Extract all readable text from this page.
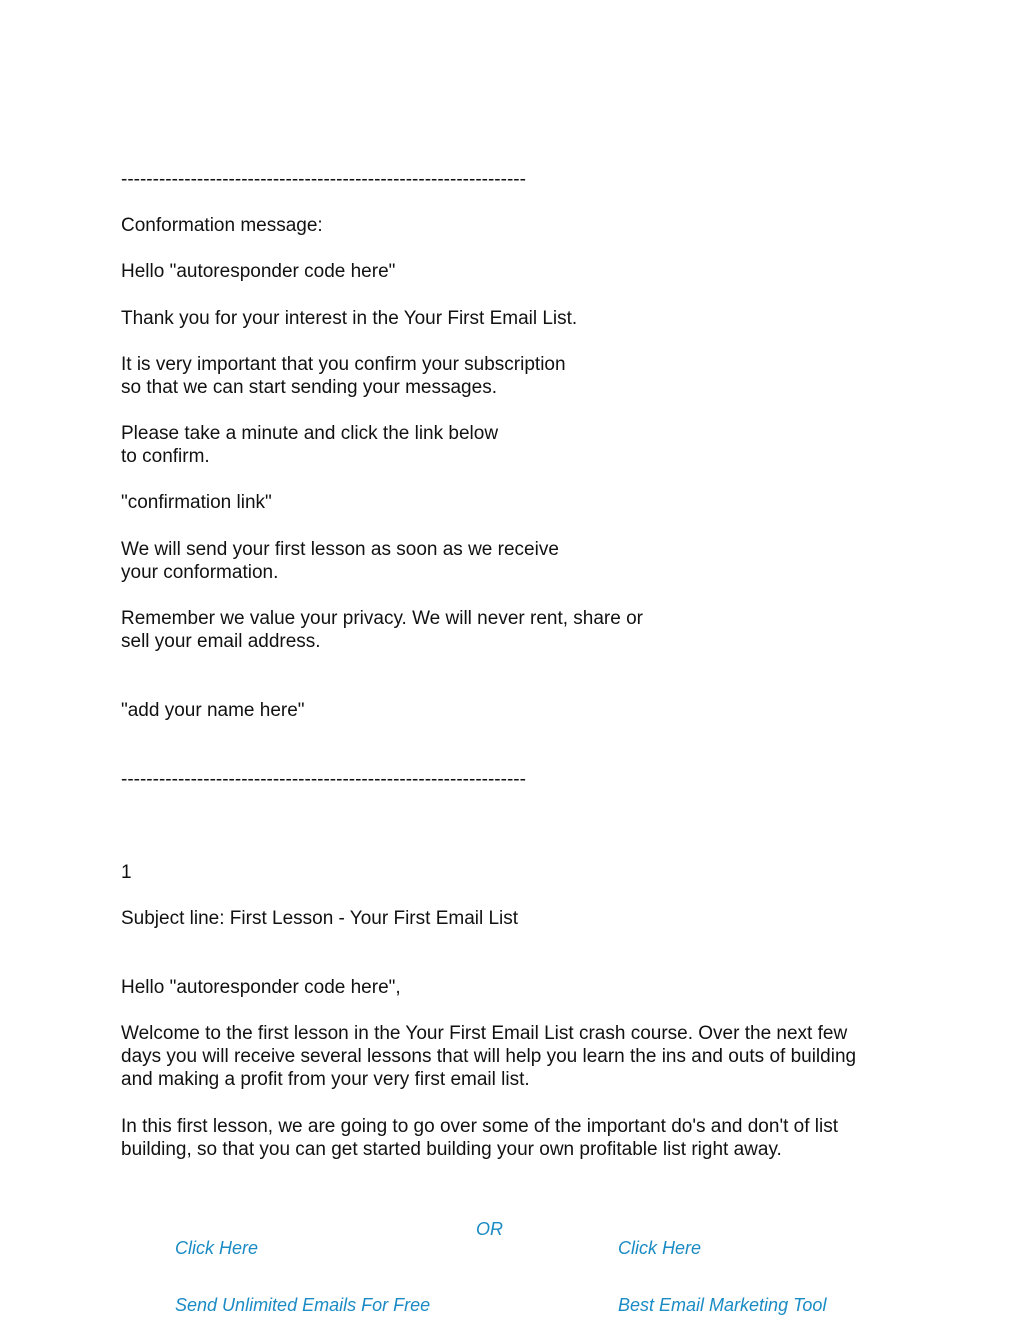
----------------------------------------------------------------
Conformation message:
Hello "autoresponder code here"
Thank you for your interest in the Your First Email List.
It is very important that you confirm your subscription
so that we can start sending your messages.
Please take a minute and click the link below
to confirm.
"confirmation link"
We will send your first lesson as soon as we receive
your conformation.
Remember we value your privacy. We will never rent, share or
sell your email address.
"add your name here"
----------------------------------------------------------------
1
Subject line: First Lesson - Your First Email List
Hello "autoresponder code here",
Welcome to the first lesson in the Your First Email List crash course. Over the next few
days you will receive several lessons that will help you learn the ins and outs of building
and making a profit from your very first email list.
In this first lesson, we are going to go over some of the important do's and don't of list
building, so that you can get started building your own profitable list right away.

Click Here

Send Unlimited Emails For Free

OR

Click Here

Best Email Marketing Tool
